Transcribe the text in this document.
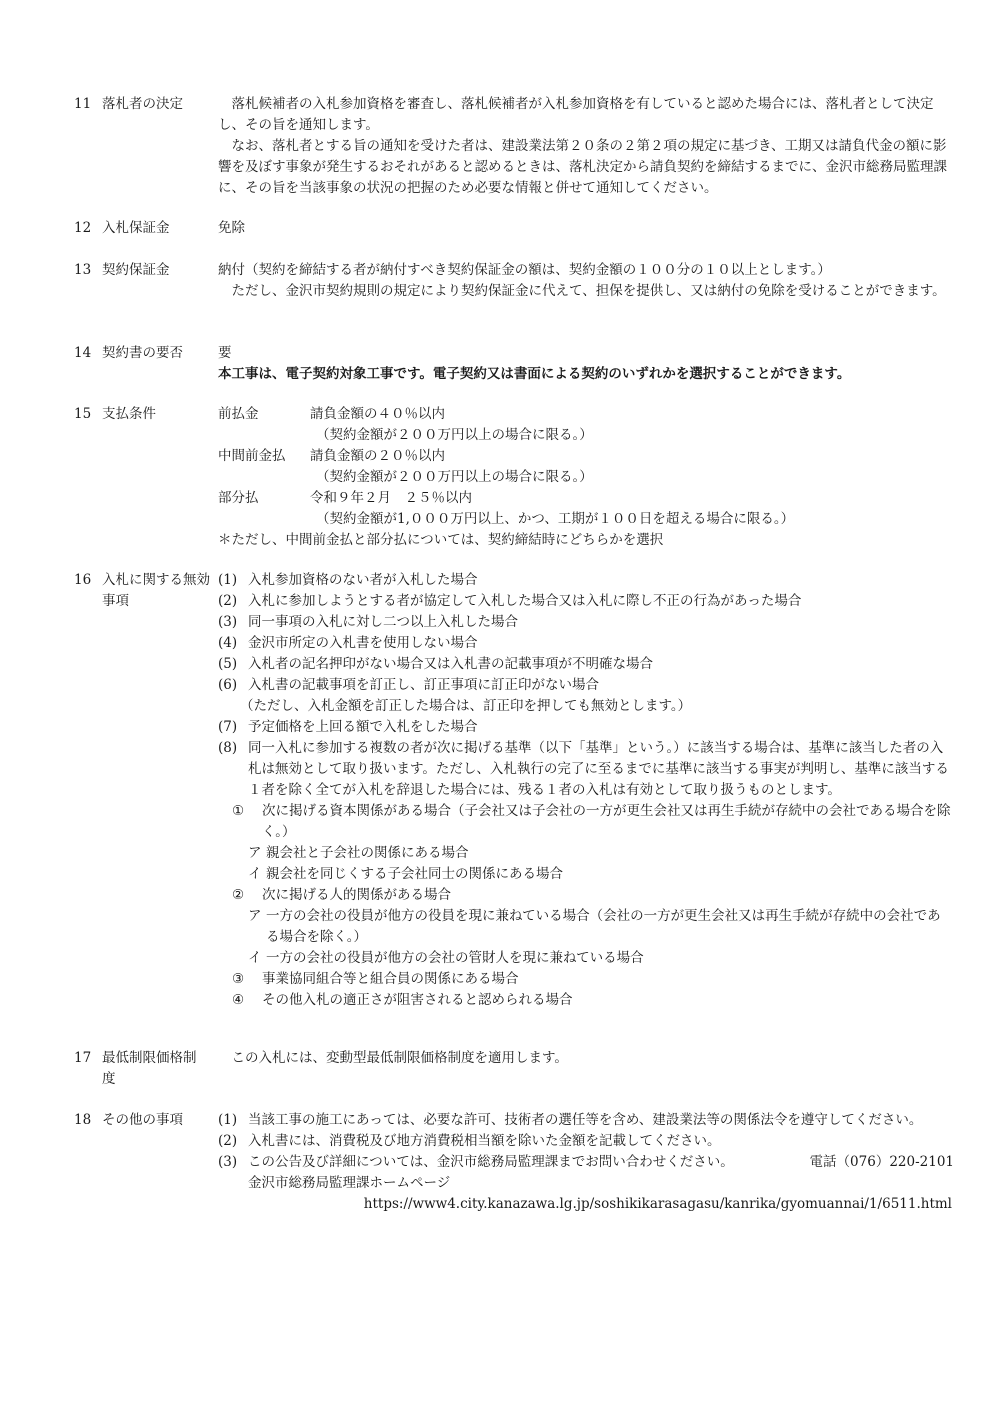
11 落札者の決定	落札候補者の入札参加資格を審査し、落札候補者が入札参加資格を有していると認めた場合には、落札者として決定し、その旨を通知します。

なお、落札者とする旨の通知を受けた者は、建設業法第２０条の２第２項の規定に基づき、工期又は請負代金の額に影響を及ぼす事象が発生するおそれがあると認めるときは、落札決定から請負契約を締結するまでに、金沢市総務局監理課に、その旨を当該事象の状況の把握のため必要な情報と併せて通知してください。

12 入札保証金	免除

13 契約保証金	納付（契約を締結する者が納付すべき契約保証金の額は、契約金額の１００分の１０以上とします。）

ただし、金沢市契約規則の規定により契約保証金に代えて、担保を提供し、又は納付の免除を受けることができます。

14 契約書の要否	要

本工事は、電子契約対象工事です。電子契約又は書面による契約のいずれかを選択することができます。

15 支払条件	前払金	請負金額の４０％以内
（契約金額が２００万円以上の場合に限る。）
中間前金払	請負金額の２０％以内
（契約金額が２００万円以上の場合に限る。）
部分払	令和９年２月　２５％以内
（契約金額が1,０００万円以上、かつ、工期が１００日を超える場合に限る。）
＊ただし、中間前金払と部分払については、契約締結時にどちらかを選択
16 入札に関する無効事項
(1) 入札参加資格のない者が入札した場合
(2) 入札に参加しようとする者が協定して入札した場合又は入札に際し不正の行為があった場合
(3) 同一事項の入札に対し二つ以上入札した場合
(4) 金沢市所定の入札書を使用しない場合
(5) 入札者の記名押印がない場合又は入札書の記載事項が不明確な場合
(6) 入札書の記載事項を訂正し、訂正事項に訂正印がない場合
（ただし、入札金額を訂正した場合は、訂正印を押しても無効とします。）
(7) 予定価格を上回る額で入札をした場合
(8) 同一入札に参加する複数の者が次に掲げる基準（以下「基準」という。）に該当する場合は、基準に該当した者の入札は無効として取り扱います。ただし、入札執行の完了に至るまでに基準に該当する事実が判明し、基準に該当する１者を除く全てが入札を辞退した場合には、残る１者の入札は有効として取り扱うものとします。
①	次に掲げる資本関係がある場合（子会社又は子会社の一方が更生会社又は再生手続が存続中の会社である場合を除く。）
ア 親会社と子会社の関係にある場合
イ 親会社を同じくする子会社同士の関係にある場合
②	次に掲げる人的関係がある場合
ア 一方の会社の役員が他方の役員を現に兼ねている場合（会社の一方が更生会社又は再生手続が存続中の会社である場合を除く。）
イ 一方の会社の役員が他方の会社の管財人を現に兼ねている場合
③	事業協同組合等と組合員の関係にある場合
④	その他入札の適正さが阻害されると認められる場合
17 最低制限価格制度

この入札には、変動型最低制限価格制度を適用します。

18 その他の事項	(1) 当該工事の施工にあっては、必要な許可、技術者の選任等を含め、建設業法等の関係法令を遵守してください。
(2) 入札書には、消費税及び地方消費税相当額を除いた金額を記載してください。
(3) この公告及び詳細については、金沢市総務局監理課までお問い合わせください。	電話（076）220-2101
金沢市総務局監理課ホームページ
https://www4.city.kanazawa.lg.jp/soshikikarasagasu/kanrika/gyomuannai/1/6511.html
